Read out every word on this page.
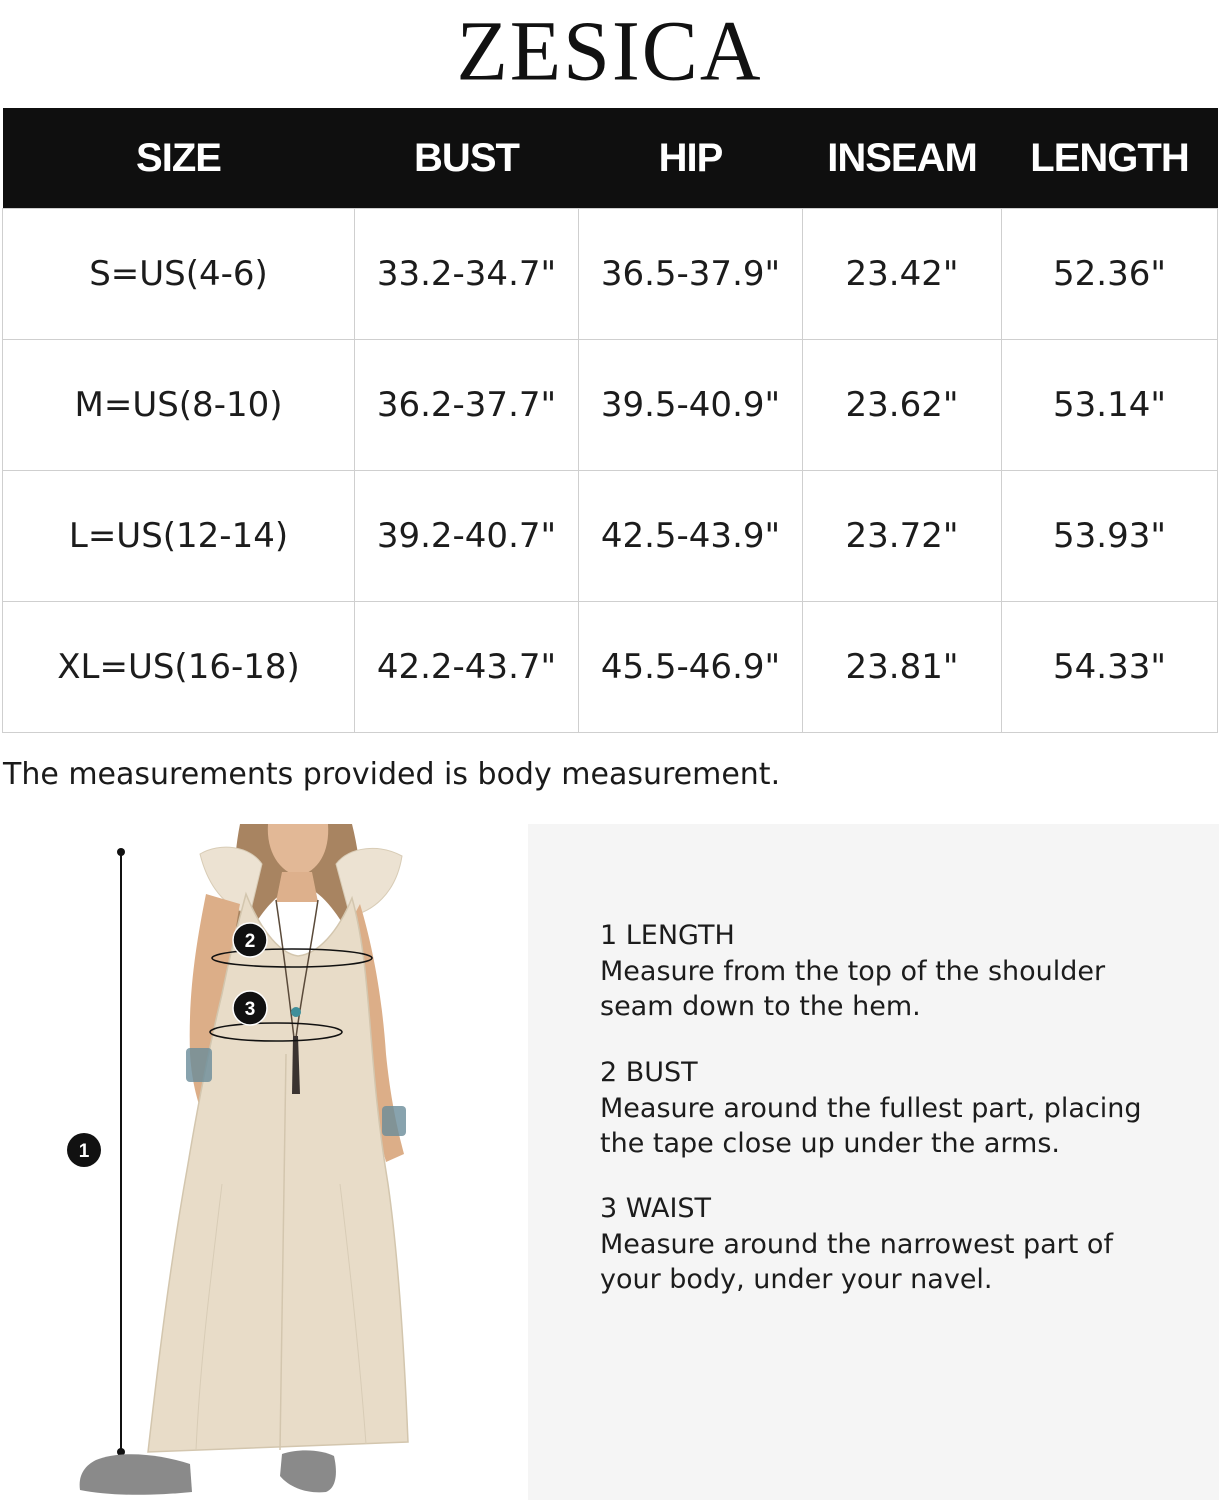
ZESICA
SIZE	BUST	HIP	INSEAM	LENGTH
S=US(4-6)	33.2-34.7"	36.5-37.9"	23.42"	52.36"
M=US(8-10)	36.2-37.7"	39.5-40.9"	23.62"	53.14"
L=US(12-14)	39.2-40.7"	42.5-43.9"	23.72"	53.93"
XL=US(16-18)	42.2-43.7"	45.5-46.9"	23.81"	54.33"
The measurements provided is body measurement.
1
2
3
1 LENGTH
Measure from the top of the shoulder
seam down to the hem.
2 BUST
Measure around the fullest part, placing
the tape close up under the arms.
3 WAIST
Measure around the narrowest part of
your body, under your navel.
